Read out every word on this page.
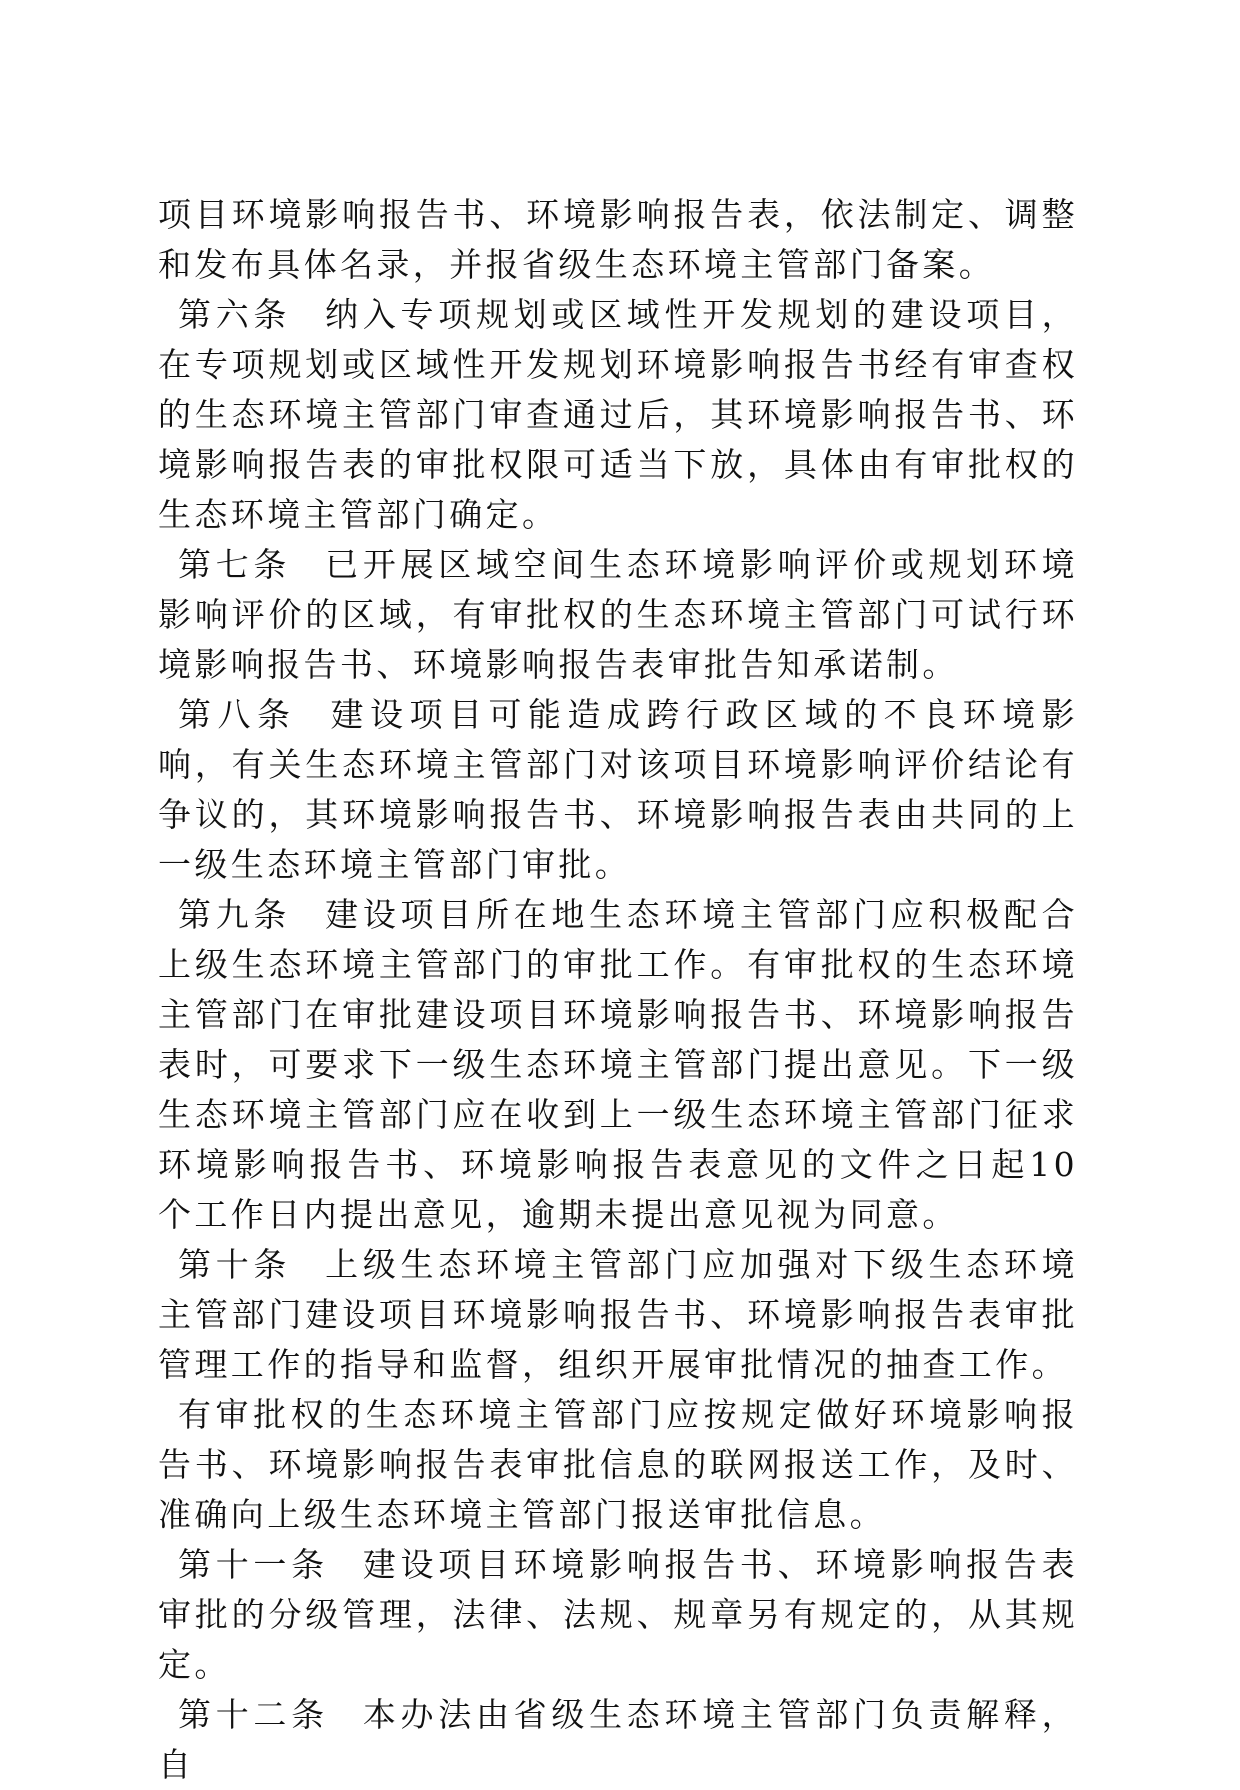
项目环境影响报告书、环境影响报告表，依法制定、调整和发布具体名录，并报省级生态环境主管部门备案。

第六条 纳入专项规划或区域性开发规划的建设项目，在专项规划或区域性开发规划环境影响报告书经有审查权的生态环境主管部门审查通过后，其环境影响报告书、环境影响报告表的审批权限可适当下放，具体由有审批权的生态环境主管部门确定。

第七条 已开展区域空间生态环境影响评价或规划环境影响评价的区域，有审批权的生态环境主管部门可试行环境影响报告书、环境影响报告表审批告知承诺制。

第八条 建设项目可能造成跨行政区域的不良环境影响，有关生态环境主管部门对该项目环境影响评价结论有争议的，其环境影响报告书、环境影响报告表由共同的上一级生态环境主管部门审批。

第九条 建设项目所在地生态环境主管部门应积极配合上级生态环境主管部门的审批工作。有审批权的生态环境主管部门在审批建设项目环境影响报告书、环境影响报告表时，可要求下一级生态环境主管部门提出意见。下一级生态环境主管部门应在收到上一级生态环境主管部门征求环境影响报告书、环境影响报告表意见的文件之日起10个工作日内提出意见，逾期未提出意见视为同意。

第十条 上级生态环境主管部门应加强对下级生态环境主管部门建设项目环境影响报告书、环境影响报告表审批管理工作的指导和监督，组织开展审批情况的抽查工作。

有审批权的生态环境主管部门应按规定做好环境影响报告书、环境影响报告表审批信息的联网报送工作，及时、准确向上级生态环境主管部门报送审批信息。

第十一条 建设项目环境影响报告书、环境影响报告表审批的分级管理，法律、法规、规章另有规定的，从其规定。

第十二条 本办法由省级生态环境主管部门负责解释，自
